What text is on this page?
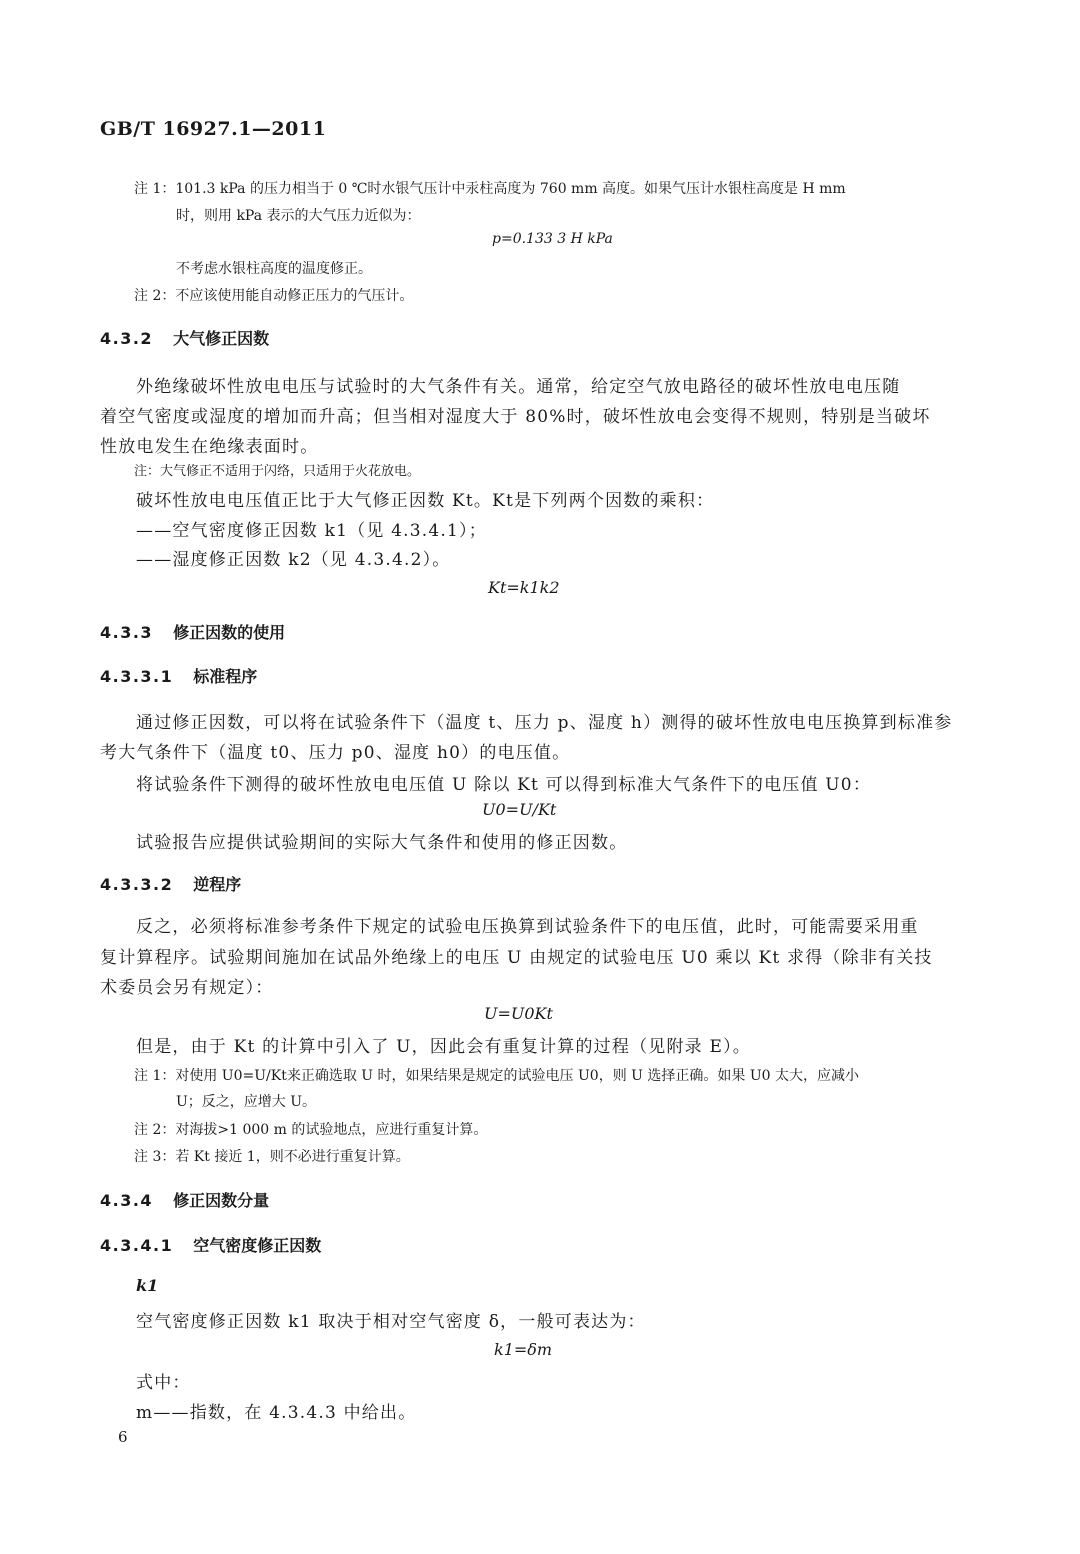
GB/T 16927.1—2011
注 1：101.3 kPa 的压力相当于 0 ℃时水银气压计中汞柱高度为 760 mm 高度。如果气压计水银柱高度是 H mm
时，则用 kPa 表示的大气压力近似为：
p=0.133 3 H kPa
不考虑水银柱高度的温度修正。
注 2：不应该使用能自动修正压力的气压计。
4.3.2 大气修正因数
外绝缘破坏性放电电压与试验时的大气条件有关。通常，给定空气放电路径的破坏性放电电压随
着空气密度或湿度的增加而升高；但当相对湿度大于 80%时，破坏性放电会变得不规则，特别是当破坏
性放电发生在绝缘表面时。
注：大气修正不适用于闪络，只适用于火花放电。
破坏性放电电压值正比于大气修正因数 Kt。Kt是下列两个因数的乘积：
——空气密度修正因数 k1（见 4.3.4.1）；
——湿度修正因数 k2（见 4.3.4.2）。
Kt=k1k2
4.3.3 修正因数的使用
4.3.3.1 标准程序
通过修正因数，可以将在试验条件下（温度 t、压力 p、湿度 h）测得的破坏性放电电压换算到标准参
考大气条件下（温度 t0、压力 p0、湿度 h0）的电压值。
将试验条件下测得的破坏性放电电压值 U 除以 Kt 可以得到标准大气条件下的电压值 U0：
U0=U/Kt
试验报告应提供试验期间的实际大气条件和使用的修正因数。
4.3.3.2 逆程序
反之，必须将标准参考条件下规定的试验电压换算到试验条件下的电压值，此时，可能需要采用重
复计算程序。试验期间施加在试品外绝缘上的电压 U 由规定的试验电压 U0 乘以 Kt 求得（除非有关技
术委员会另有规定）：
U=U0Kt
但是，由于 Kt 的计算中引入了 U，因此会有重复计算的过程（见附录 E）。
注 1：对使用 U0=U/Kt来正确选取 U 时，如果结果是规定的试验电压 U0，则 U 选择正确。如果 U0 太大，应减小
U；反之，应增大 U。
注 2：对海拔>1 000 m 的试验地点，应进行重复计算。
注 3：若 Kt 接近 1，则不必进行重复计算。
4.3.4 修正因数分量
4.3.4.1 空气密度修正因数
k1
空气密度修正因数 k1 取决于相对空气密度 δ，一般可表达为：
k1=δm
式中：
m——指数，在 4.3.4.3 中给出。
6
